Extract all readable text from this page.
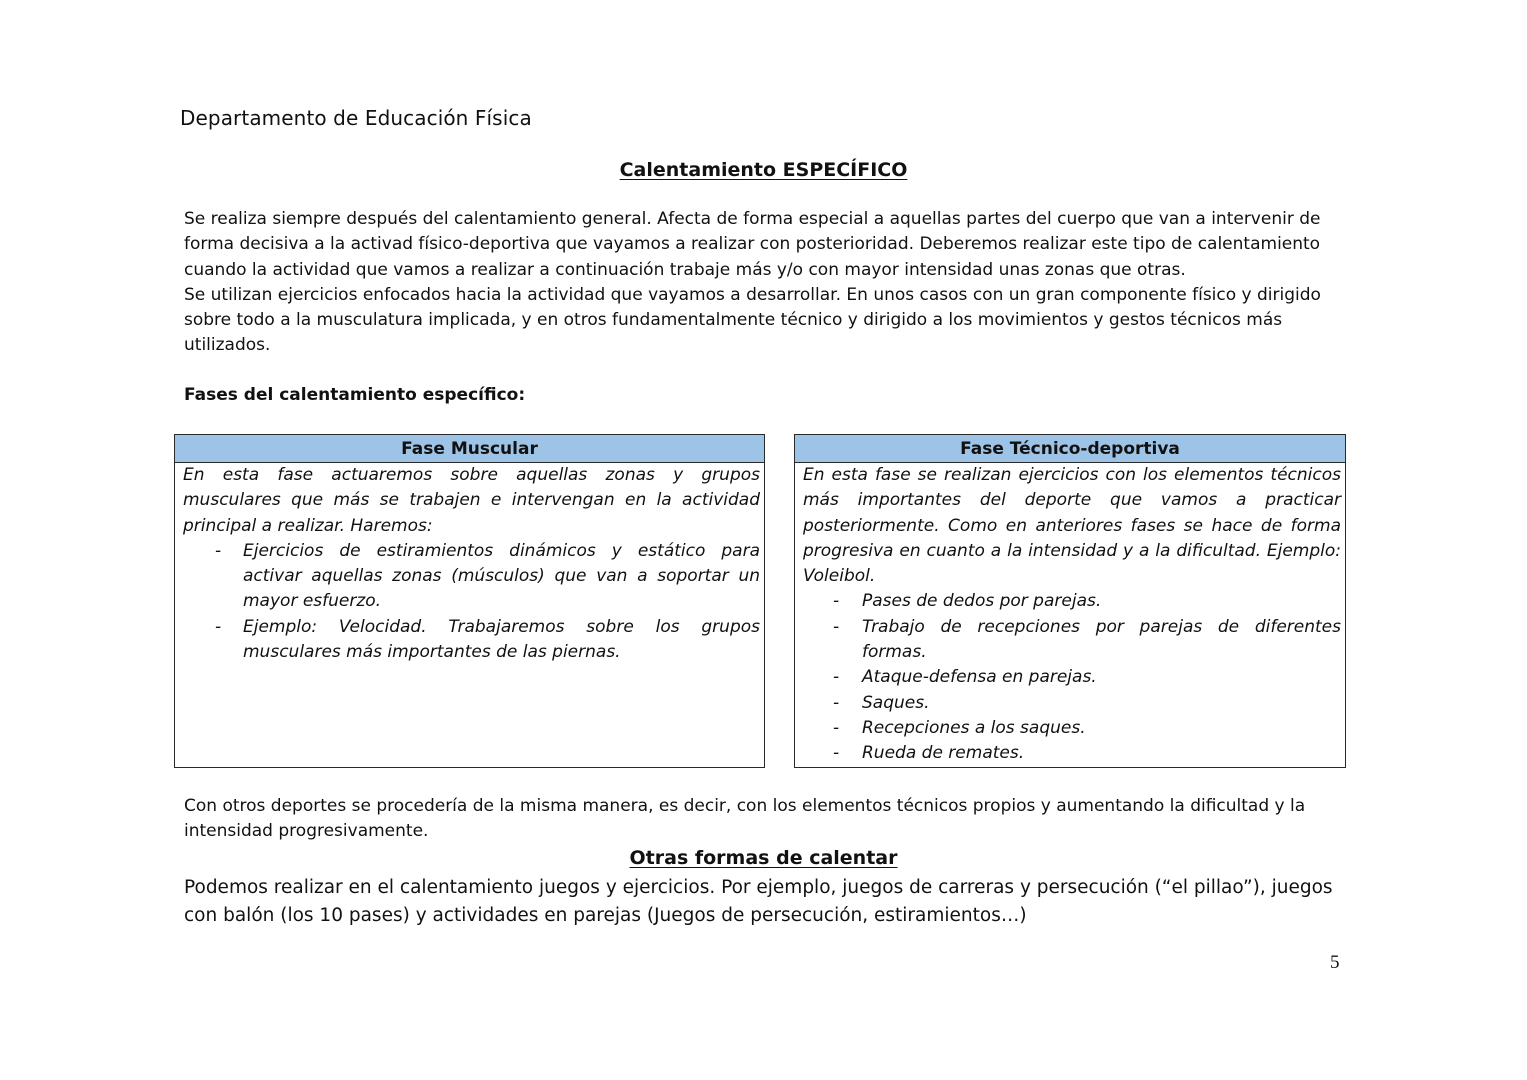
Departamento de Educación Física
Calentamiento ESPECÍFICO
Se realiza siempre después del calentamiento general. Afecta de forma especial a aquellas partes del cuerpo que van a intervenir de
forma decisiva a la activad físico-deportiva que vayamos a realizar con posterioridad. Deberemos realizar este tipo de calentamiento
cuando la actividad que vamos a realizar a continuación trabaje más y/o con mayor intensidad unas zonas que otras.
Se utilizan ejercicios enfocados hacia la actividad que vayamos a desarrollar. En unos casos con un gran componente físico y dirigido
sobre todo a la musculatura implicada, y en otros fundamentalmente técnico y dirigido a los movimientos y gestos técnicos más
utilizados.
Fases del calentamiento específico:
Fase Muscular

En esta fase actuaremos sobre aquellas zonas y grupos musculares que más se trabajen e intervengan en la actividad principal a realizar. Haremos:

- Ejercicios de estiramientos dinámicos y estático para activar aquellas zonas (músculos) que van a soportar un mayor esfuerzo.
- Ejemplo: Velocidad. Trabajaremos sobre los grupos musculares más importantes de las piernas.
Fase Técnico-deportiva

En esta fase se realizan ejercicios con los elementos técnicos más importantes del deporte que vamos a practicar posteriormente. Como en anteriores fases se hace de forma progresiva en cuanto a la intensidad y a la dificultad. Ejemplo: Voleibol.

- Pases de dedos por parejas.
- Trabajo de recepciones por parejas de diferentes formas.
- Ataque-defensa en parejas.
- Saques.
- Recepciones a los saques.
- Rueda de remates.
Con otros deportes se procedería de la misma manera, es decir, con los elementos técnicos propios y aumentando la dificultad y la
intensidad progresivamente.
Otras formas de calentar
Podemos realizar en el calentamiento juegos y ejercicios. Por ejemplo, juegos de carreras y persecución (“el pillao”), juegos
con balón (los 10 pases) y actividades en parejas (Juegos de persecución, estiramientos…)
5
